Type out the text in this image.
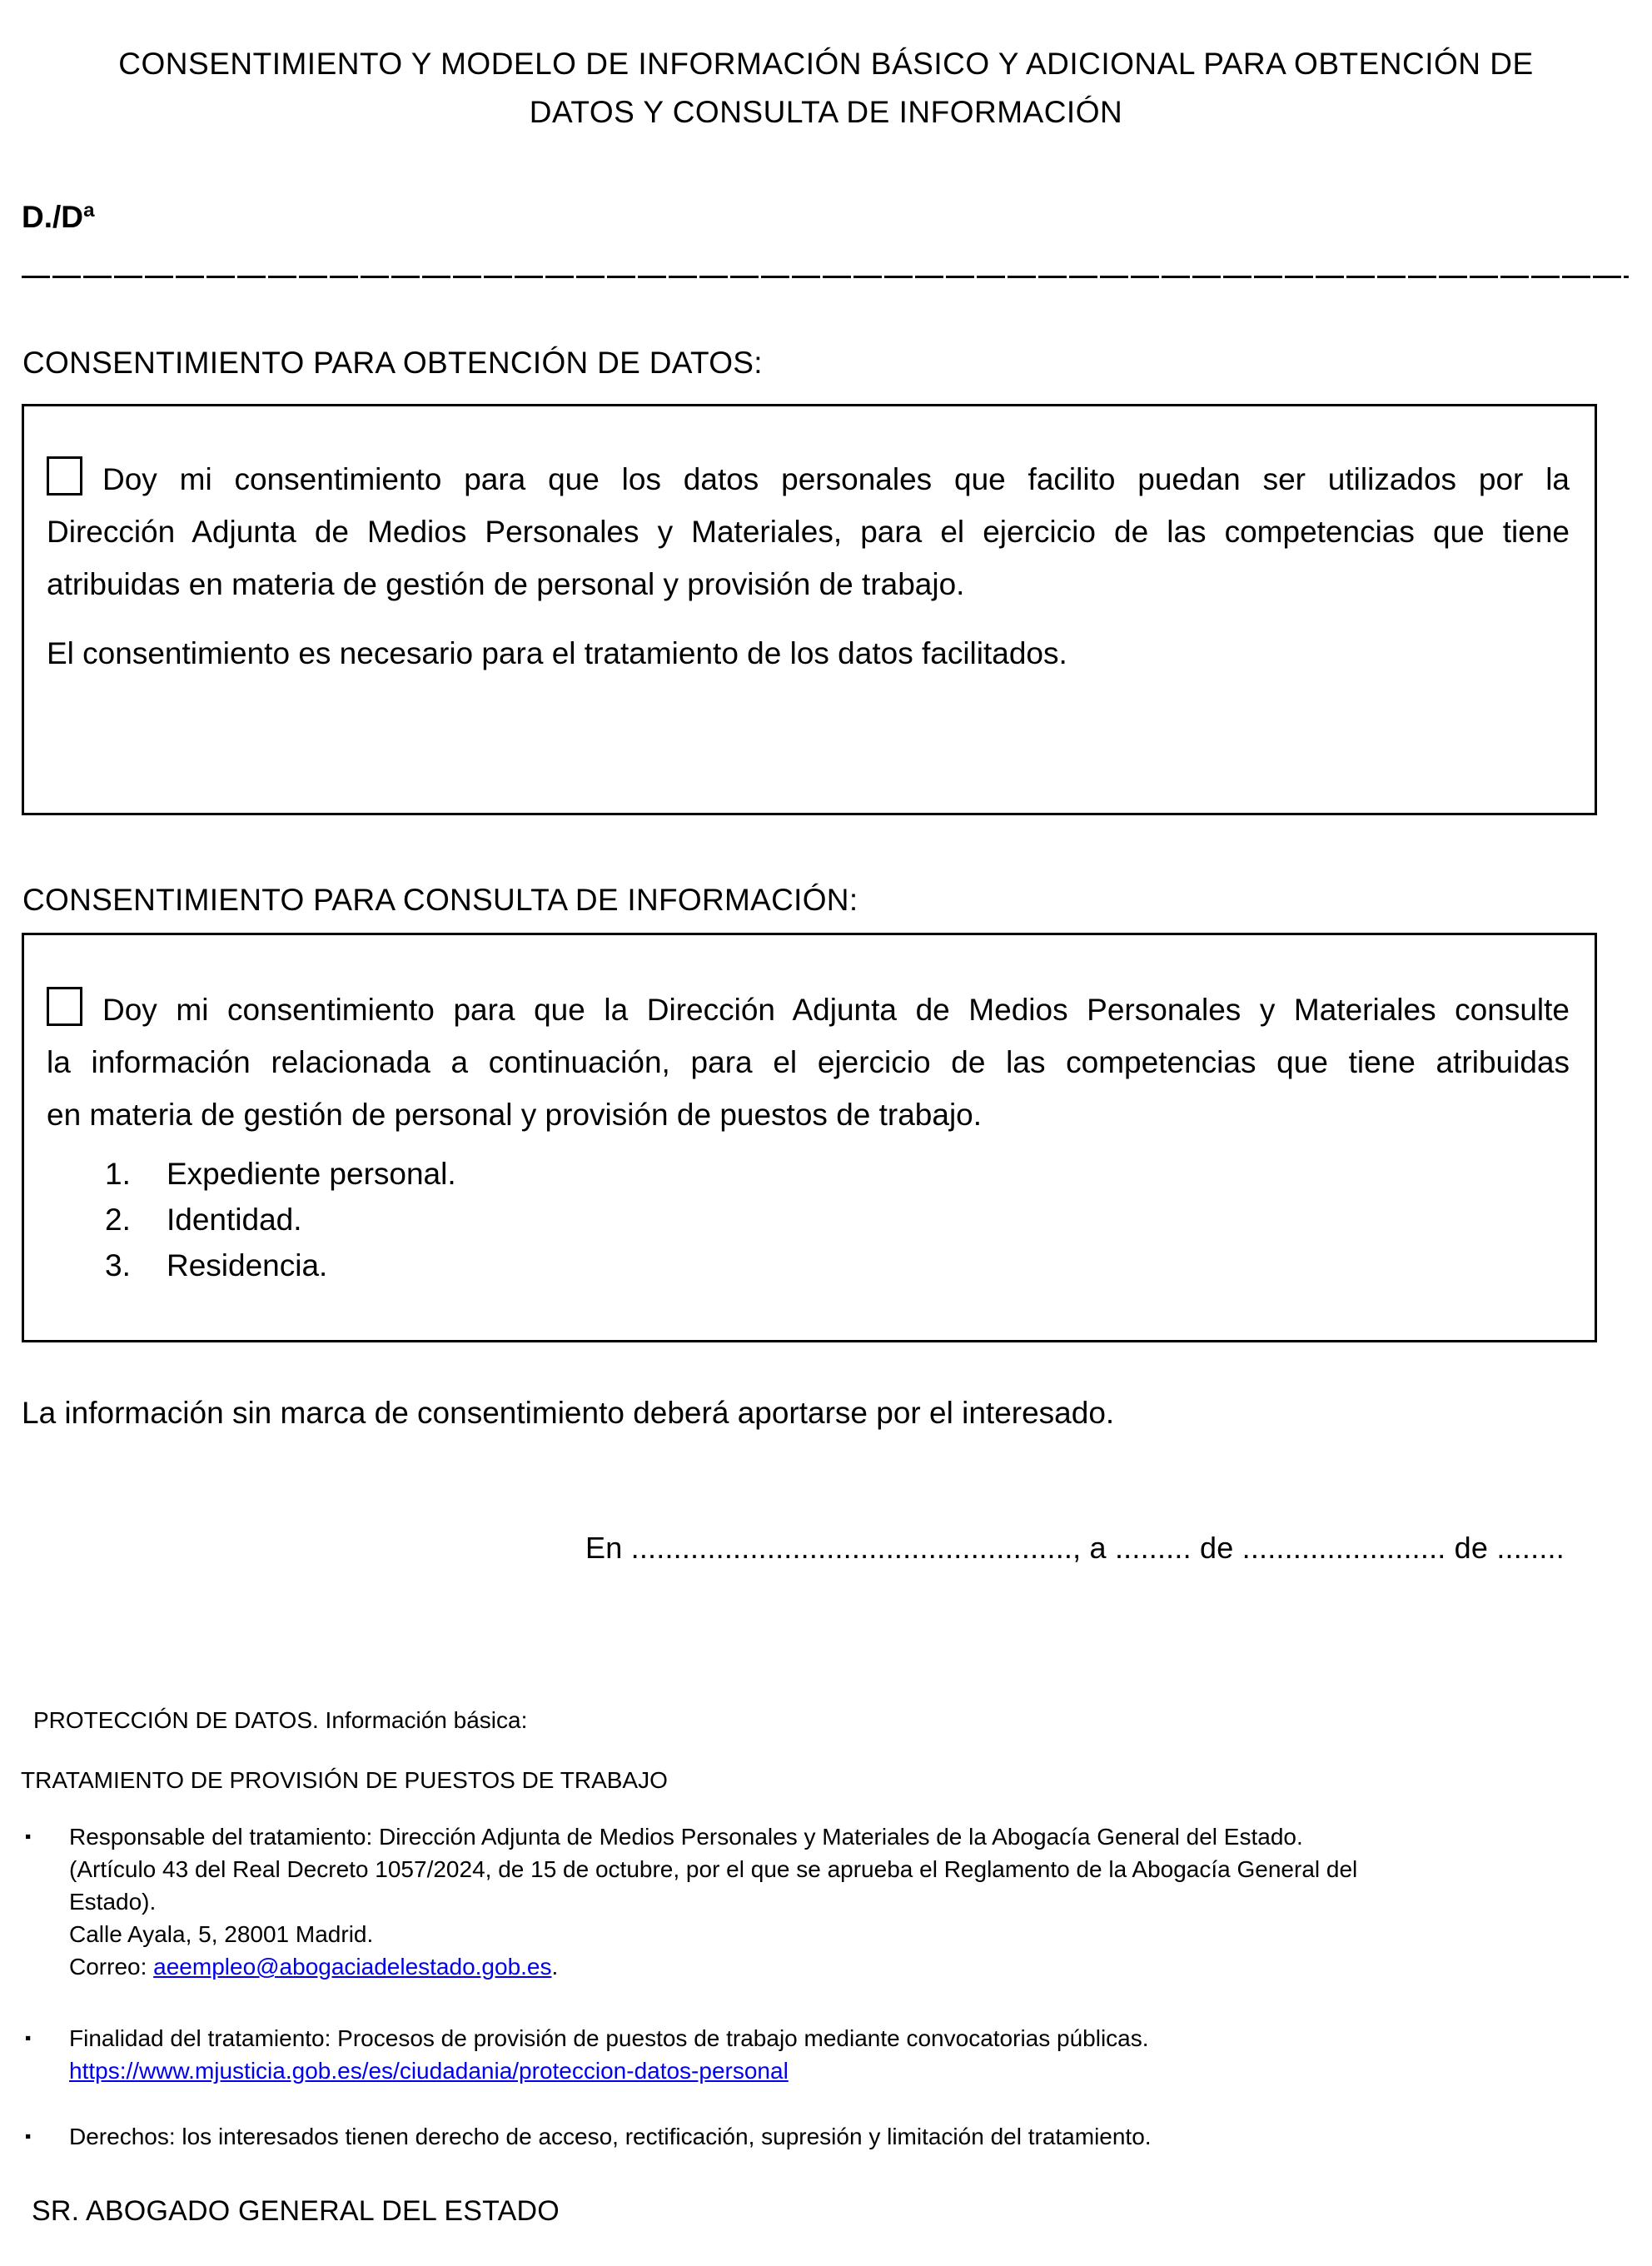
CONSENTIMIENTO Y MODELO DE INFORMACIÓN BÁSICO Y ADICIONAL PARA OBTENCIÓN DE
DATOS Y CONSULTA DE INFORMACIÓN
D./Dª
CONSENTIMIENTO PARA OBTENCIÓN DE DATOS:
Doy mi consentimiento para que los datos personales que facilito puedan ser utilizados por la
Dirección Adjunta de Medios Personales y Materiales, para el ejercicio de las competencias que tiene
atribuidas en materia de gestión de personal y provisión de trabajo.
El consentimiento es necesario para el tratamiento de los datos facilitados.
CONSENTIMIENTO PARA CONSULTA DE INFORMACIÓN:
Doy mi consentimiento para que la Dirección Adjunta de Medios Personales y Materiales consulte
la información relacionada a continuación, para el ejercicio de las competencias que tiene atribuidas
en materia de gestión de personal y provisión de puestos de trabajo.
1.	Expediente personal.
2.	Identidad.
3.	Residencia.
La información sin marca de consentimiento deberá aportarse por el interesado.
En ...................................................., a ......... de ........................ de ........
PROTECCIÓN DE DATOS. Información básica:
TRATAMIENTO DE PROVISIÓN DE PUESTOS DE TRABAJO
▪	Responsable del tratamiento: Dirección Adjunta de Medios Personales y Materiales de la Abogacía General del Estado.
(Artículo 43 del Real Decreto 1057/2024, de 15 de octubre, por el que se aprueba el Reglamento de la Abogacía General del
Estado).
Calle Ayala, 5, 28001 Madrid.
Correo: aeempleo@abogaciadelestado.gob.es.
▪	Finalidad del tratamiento: Procesos de provisión de puestos de trabajo mediante convocatorias públicas.
https://www.mjusticia.gob.es/es/ciudadania/proteccion-datos-personal
▪	Derechos: los interesados tienen derecho de acceso, rectificación, supresión y limitación del tratamiento.
SR. ABOGADO GENERAL DEL ESTADO
